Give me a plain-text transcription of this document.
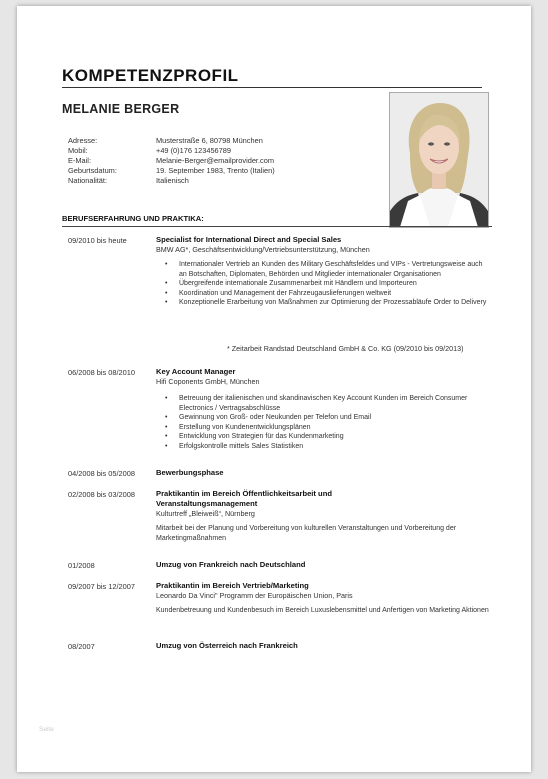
KOMPETENZPROFIL
MELANIE BERGER
Adresse:	Musterstraße 6, 80798 München
Mobil:	+49 (0)176 123456789
E-Mail:	Melanie-Berger@emailprovider.com
Geburtsdatum:	19. September 1983, Trento (Italien)
Nationalität:	Italienisch
BERUFSERFAHRUNG UND PRAKTIKA:
09/2010 bis heute	Specialist for International Direct and Special Sales
BMW AG*, Geschäftsentwicklung/Vertriebsunterstützung, München
• Internationaler Vertrieb an Kunden des Military Geschäftsfeldes und VIPs - Vertretungsweise auch an Botschaften, Diplomaten, Behörden und Mitglieder internationaler Organisationen
• Übergreifende internationale Zusammenarbeit mit Händlern und Importeuren
• Koordination und Management der Fahrzeugauslieferungen weltweit
• Konzeptionelle Erarbeitung von Maßnahmen zur Optimierung der Prozessabläufe Order to Delivery
* Zeitarbeit Randstad Deutschland GmbH & Co. KG (09/2010 bis 09/2013)
06/2008 bis 08/2010	Key Account Manager
Hifi Coponents GmbH, München
• Betreuung der italienischen und skandinavischen Key Account Kunden im Bereich Consumer Electronics / Vertragsabschlüsse
• Gewinnung von Groß- oder Neukunden per Telefon und Email
• Erstellung von Kundenentwicklungsplänen
• Entwicklung von Strategien für das Kundenmarketing
• Erfolgskontrolle mittels Sales Statistiken
04/2008 bis 05/2008	Bewerbungsphase
02/2008 bis 03/2008	Praktikantin im Bereich Öffentlichkeitsarbeit und Veranstaltungsmanagement
Kulturtreff „Bleiweiß“, Nürnberg
Mitarbeit bei der Planung und Vorbereitung von kulturellen Veranstaltungen und Vorbereitung der Marketingmaßnahmen
01/2008	Umzug von Frankreich nach Deutschland
09/2007 bis 12/2007	Praktikantin im Bereich Vertrieb/Marketing
Leonardo Da Vinci" Programm der Europäischen Union, Paris
Kundenbetreuung und Kundenbesuch im Bereich Luxuslebensmittel und Anfertigen von Marketing Aktionen
08/2007	Umzug von Österreich nach Frankreich
Seite
